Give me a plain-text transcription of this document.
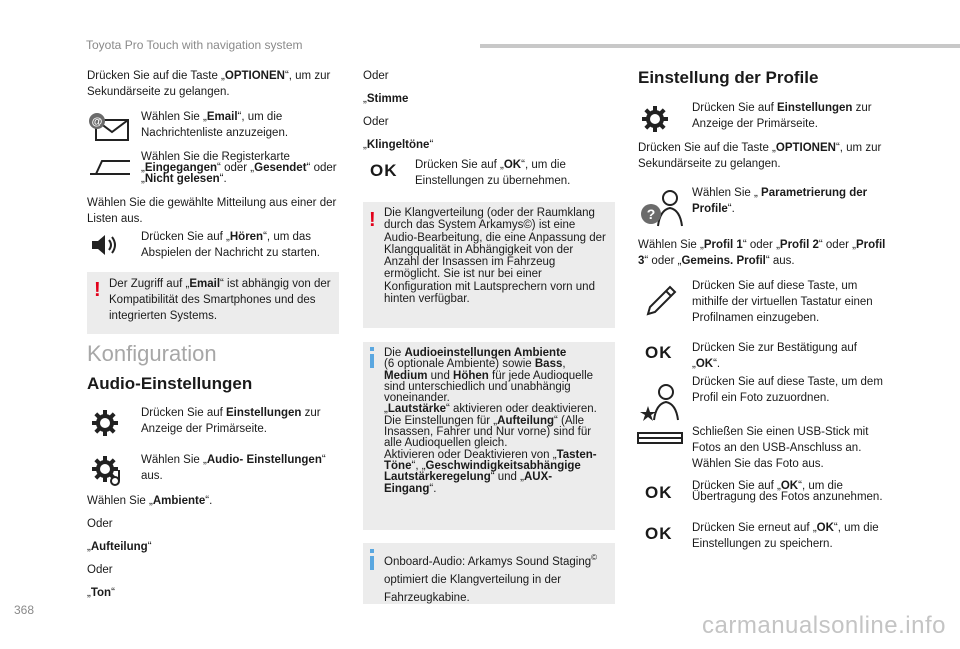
Toyota Pro Touch with navigation system
Drücken Sie auf die Taste „OPTIONEN“, um zur Sekundärseite zu gelangen.
@	Wählen Sie „Email“, um die Nachrichtenliste anzuzeigen.
Wählen Sie die Registerkarte „Eingegangen“ oder „Gesendet“ oder „Nicht gelesen“.
Wählen Sie die gewählte Mitteilung aus einer der Listen aus.
Drücken Sie auf „Hören“, um das Abspielen der Nachricht zu starten.
! Der Zugriff auf „Email“ ist abhängig von der Kompatibilität des Smartphones und des integrierten Systems.
Konfiguration
Audio-Einstellungen
Drücken Sie auf Einstellungen zur Anzeige der Primärseite.
Wählen Sie „Audio- Einstellungen“ aus.
Wählen Sie „Ambiente“.
Oder
„Aufteilung“
Oder
„Ton“
Oder
„Stimme
Oder
„Klingeltöne“
OK Drücken Sie auf „OK“, um die Einstellungen zu übernehmen.
! Die Klangverteilung (oder der Raumklang durch das System Arkamys©) ist eine Audio-Bearbeitung, die eine Anpassung der Klangqualität in Abhängigkeit von der Anzahl der Insassen im Fahrzeug ermöglicht. Sie ist nur bei einer Konfiguration mit Lautsprechern vorn und hinten verfügbar.
Die Audioeinstellungen Ambiente
(6 optionale Ambiente) sowie Bass,
Medium und Höhen für jede Audioquelle
sind unterschiedlich und unabhängig voneinander.
„Lautstärke“ aktivieren oder deaktivieren.
Die Einstellungen für „Aufteilung“ (Alle
Insassen, Fahrer und Nur vorne) sind für alle Audioquellen gleich.
Aktivieren oder Deaktivieren von „Tasten-
Töne“, „Geschwindigkeitsabhängige
Lautstärkeregelung“ und „AUX-
Eingang“.
Onboard-Audio: Arkamys Sound Staging© optimiert die Klangverteilung in der Fahrzeugkabine.
Einstellung der Profile
Drücken Sie auf Einstellungen zur Anzeige der Primärseite.
Drücken Sie auf die Taste „OPTIONEN“, um zur Sekundärseite zu gelangen.
?
Wählen Sie „ Parametrierung der Profile“.
Wählen Sie „Profil 1“ oder „Profil 2“ oder „Profil 3“ oder „Gemeins. Profil“ aus.
Drücken Sie auf diese Taste, um mithilfe der virtuellen Tastatur einen Profilnamen einzugeben.
OK Drücken Sie zur Bestätigung auf „OK“.
Drücken Sie auf diese Taste, um dem Profil ein Foto zuzuordnen.
Schließen Sie einen USB-Stick mit Fotos an den USB-Anschluss an. Wählen Sie das Foto aus.
OK Drücken Sie auf „OK“, um die Übertragung des Fotos anzunehmen.
OK Drücken Sie erneut auf „OK“, um die Einstellungen zu speichern.
368
carmanualsonline.info
